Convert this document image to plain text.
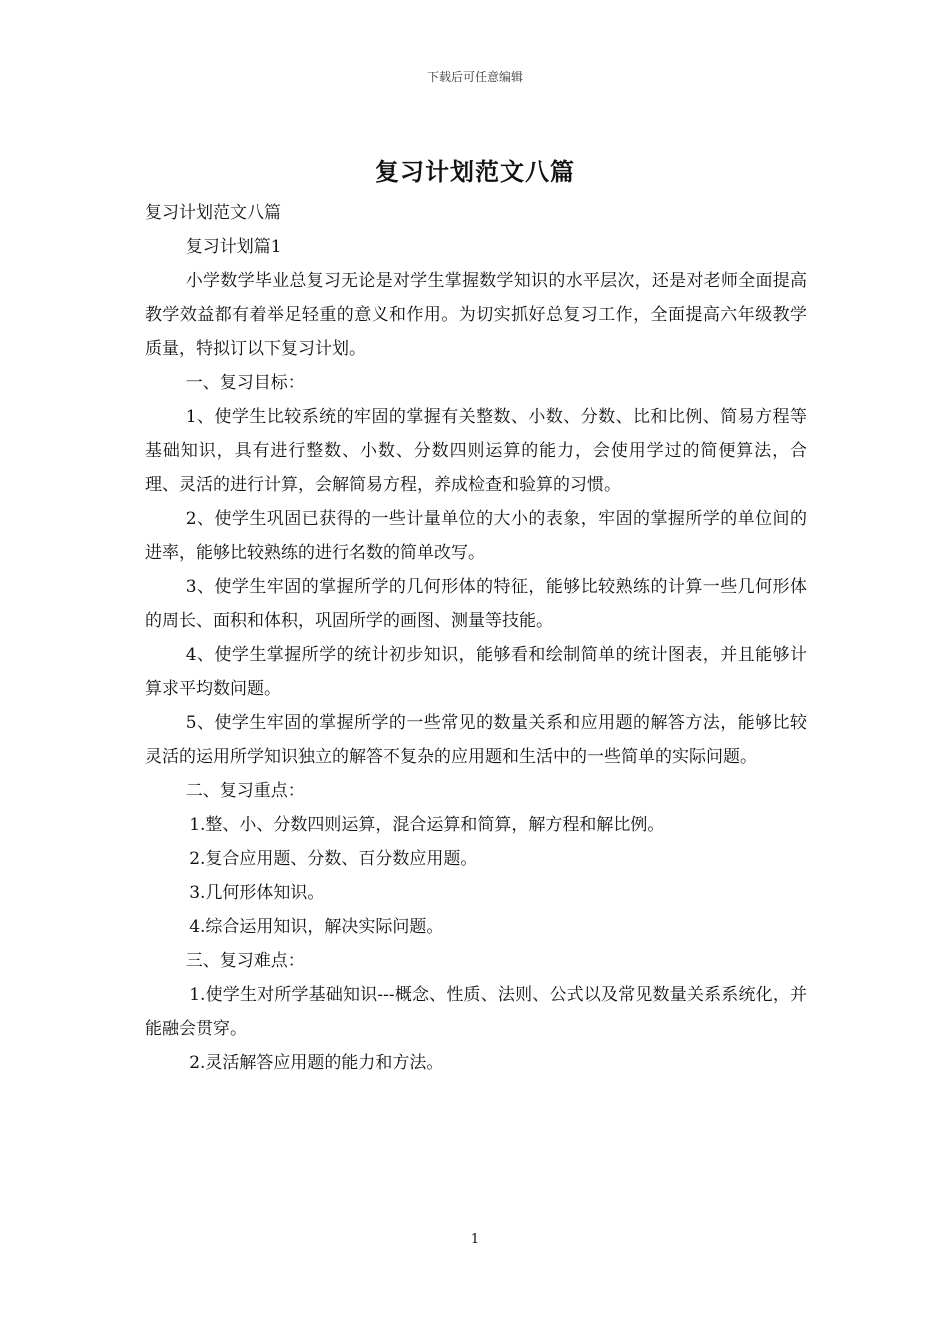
下载后可任意编辑
复习计划范文八篇

复习计划范文八篇

复习计划篇1

小学数学毕业总复习无论是对学生掌握数学知识的水平层次，还是对老师全面提高教学效益都有着举足轻重的意义和作用。为切实抓好总复习工作，全面提高六年级教学质量，特拟订以下复习计划。

一、复习目标：

1、使学生比较系统的牢固的掌握有关整数、小数、分数、比和比例、简易方程等基础知识，具有进行整数、小数、分数四则运算的能力，会使用学过的简便算法，合理、灵活的进行计算，会解简易方程，养成检查和验算的习惯。

2、使学生巩固已获得的一些计量单位的大小的表象，牢固的掌握所学的单位间的进率，能够比较熟练的进行名数的简单改写。

3、使学生牢固的掌握所学的几何形体的特征，能够比较熟练的计算一些几何形体的周长、面积和体积，巩固所学的画图、测量等技能。

4、使学生掌握所学的统计初步知识，能够看和绘制简单的统计图表，并且能够计算求平均数问题。

5、使学生牢固的掌握所学的一些常见的数量关系和应用题的解答方法，能够比较灵活的运用所学知识独立的解答不复杂的应用题和生活中的一些简单的实际问题。

二、复习重点：

1.整、小、分数四则运算，混合运算和简算，解方程和解比例。

2.复合应用题、分数、百分数应用题。

3.几何形体知识。

4.综合运用知识，解决实际问题。

三、复习难点：

1.使学生对所学基础知识---概念、性质、法则、公式以及常见数量关系系统化，并能融会贯穿。

2.灵活解答应用题的能力和方法。

1
